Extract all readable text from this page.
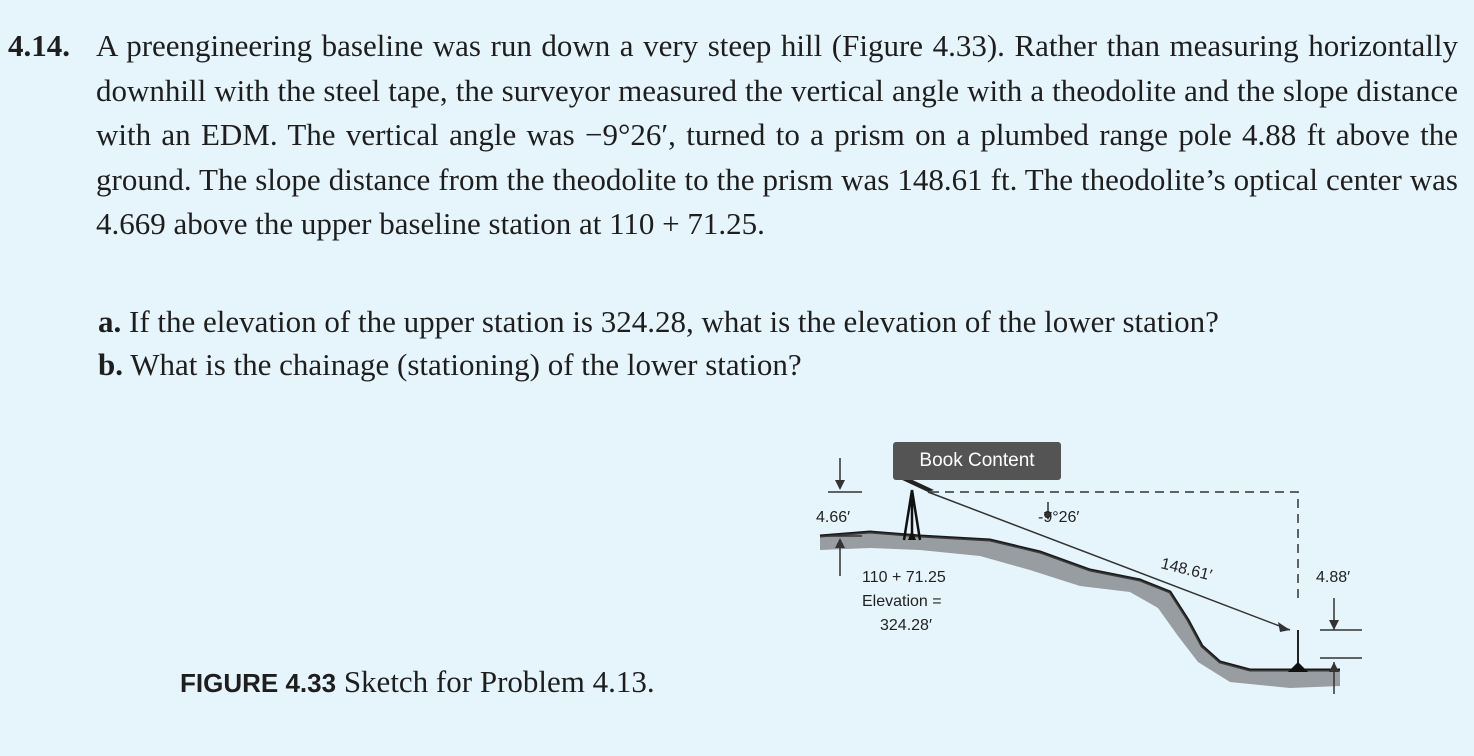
4.14. A preengineering baseline was run down a very steep hill (Figure 4.33). Rather than measuring horizontally downhill with the steel tape, the surveyor measured the vertical angle with a theodolite and the slope distance with an EDM. The vertical angle was −9°26′, turned to a prism on a plumbed range pole 4.88 ft above the ground. The slope distance from the theodolite to the prism was 148.61 ft. The theodolite’s optical center was 4.669 above the upper baseline station at 110 + 71.25.
a. If the elevation of the upper station is 324.28, what is the elevation of the lower station?
b. What is the chainage (stationing) of the lower station?
4.66′	-9°26′
148.61′	4.88′
110 + 71.25
Elevation =
324.28′
Book Content
FIGURE 4.33 Sketch for Problem 4.13.
